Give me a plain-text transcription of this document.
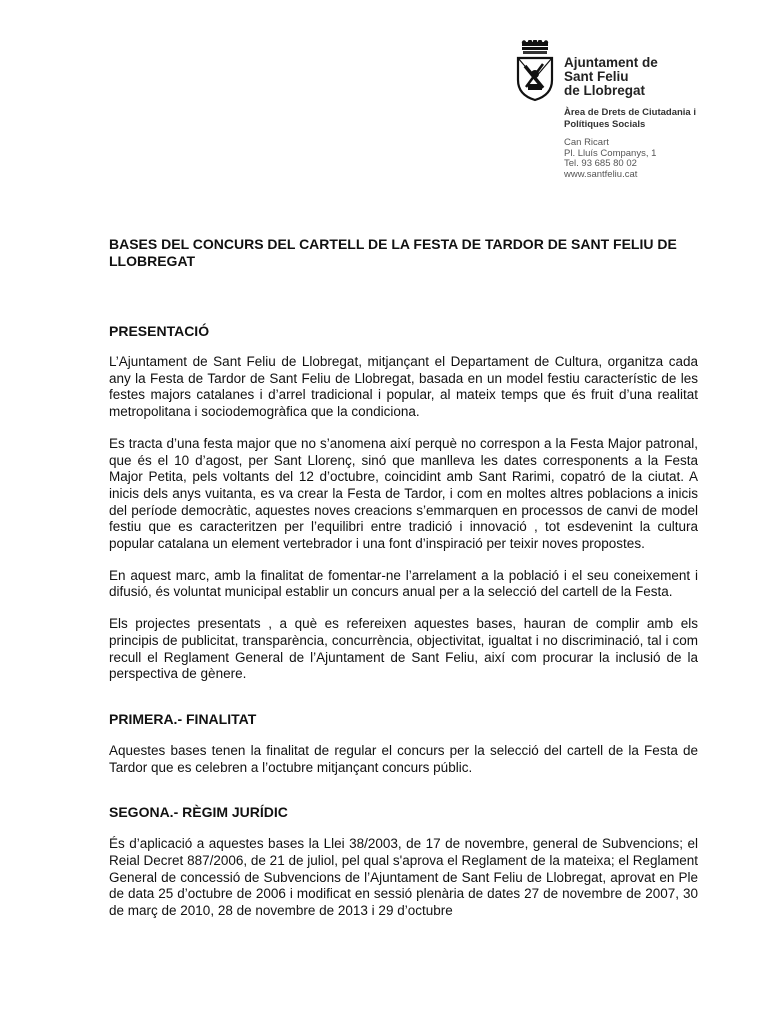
Ajuntament de
Sant Feliu
de Llobregat
Àrea de Drets de Ciutadania i
Polítiques Socials
Can Ricart
Pl. Lluís Companys, 1
Tel. 93 685 80 02
www.santfeliu.cat
BASES DEL CONCURS DEL CARTELL DE LA FESTA DE TARDOR DE SANT FELIU DE LLOBREGAT
PRESENTACIÓ

L’Ajuntament de Sant Feliu de Llobregat, mitjançant el Departament de Cultura, organitza cada any la Festa de Tardor de Sant Feliu de Llobregat, basada en un model festiu característic de les festes majors catalanes i d’arrel tradicional i popular, al mateix temps que és fruit d’una realitat metropolitana i sociodemogràfica que la condiciona.

Es tracta d’una festa major que no s’anomena així perquè no correspon a la Festa Major patronal, que és el 10 d’agost, per Sant Llorenç, sinó que manlleva les dates corresponents a la Festa Major Petita, pels voltants del 12 d’octubre, coincidint amb Sant Rarimi, copatró de la ciutat. A inicis dels anys vuitanta, es va crear la Festa de Tardor, i com en moltes altres poblacions a inicis del període democràtic, aquestes noves creacions s’emmarquen en processos de canvi de model festiu que es caracteritzen per l’equilibri entre tradició i innovació , tot esdevenint la cultura popular catalana un element vertebrador i una font d’inspiració per teixir noves propostes.

En aquest marc, amb la finalitat de fomentar-ne l’arrelament a la població i el seu coneixement i difusió, és voluntat municipal establir un concurs anual per a la selecció del cartell de la Festa.

Els projectes presentats , a què es refereixen aquestes bases, hauran de complir amb els principis de publicitat, transparència, concurrència, objectivitat, igualtat i no discriminació, tal i com recull el Reglament General de l’Ajuntament de Sant Feliu, així com procurar la inclusió de la perspectiva de gènere.

PRIMERA.- FINALITAT

Aquestes bases tenen la finalitat de regular el concurs per la selecció del cartell de la Festa de Tardor que es celebren a l’octubre mitjançant concurs públic.

SEGONA.- RÈGIM JURÍDIC

És d’aplicació a aquestes bases la Llei 38/2003, de 17 de novembre, general de Subvencions; el Reial Decret 887/2006, de 21 de juliol, pel qual s'aprova el Reglament de la mateixa; el Reglament General de concessió de Subvencions de l’Ajuntament de Sant Feliu de Llobregat, aprovat en Ple de data 25 d’octubre de 2006 i modificat en sessió plenària de dates 27 de novembre de 2007, 30 de març de 2010, 28 de novembre de 2013 i 29 d’octubre
